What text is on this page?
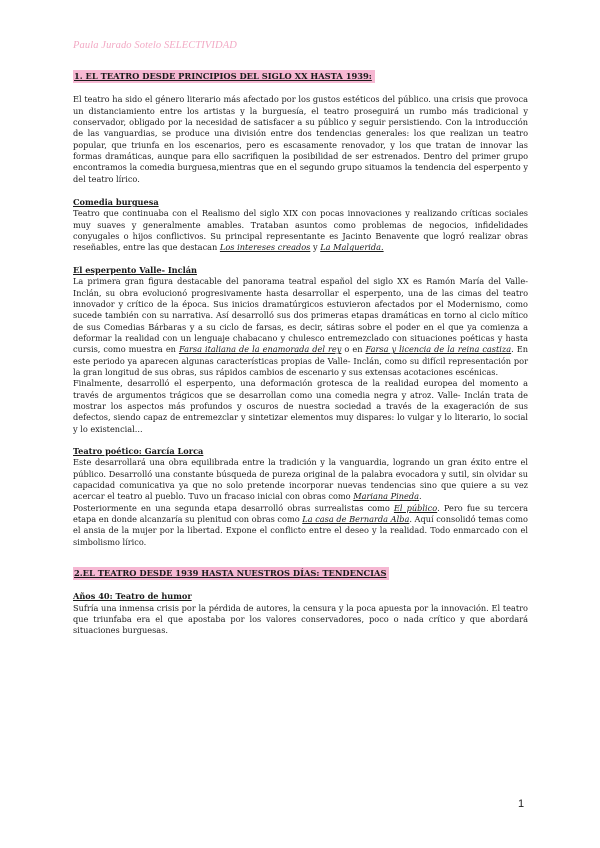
Paula Jurado Sotelo SELECTIVIDAD
1. EL TEATRO DESDE PRINCIPIOS DEL SIGLO XX HASTA 1939:

El teatro ha sido el género literario más afectado por los gustos estéticos del público. una crisis que provoca un distanciamiento entre los artistas y la burguesía, el teatro proseguirá un rumbo más tradicional y conservador, obligado por la necesidad de satisfacer a su público y seguir persistiendo. Con la introducción de las vanguardias, se produce una división entre dos tendencias generales: los que realizan un teatro popular, que triunfa en los escenarios, pero es escasamente renovador, y los que tratan de innovar las formas dramáticas, aunque para ello sacrifiquen la posibilidad de ser estrenados. Dentro del primer grupo encontramos la comedia burguesa,mientras que en el segundo grupo situamos la tendencia del esperpento y del teatro lírico.

Comedia burguesa

Teatro que continuaba con el Realismo del siglo XIX con pocas innovaciones y realizando críticas sociales muy suaves y generalmente amables. Trataban asuntos como problemas de negocios, infidelidades conyugales o hijos conflictivos. Su principal representante es Jacinto Benavente que logró realizar obras reseñables, entre las que destacan Los intereses creados y La Malquerida.

El esperpento Valle- Inclán

La primera gran figura destacable del panorama teatral español del siglo XX es Ramón María del Valle- Inclán, su obra evolucionó progresivamente hasta desarrollar el esperpento, una de las cimas del teatro innovador y crítico de la época. Sus inicios dramatúrgicos estuvieron afectados por el Modernismo, como sucede también con su narrativa. Así desarrolló sus dos primeras etapas dramáticas en torno al ciclo mítico de sus Comedias Bárbaras y a su ciclo de farsas, es decir, sátiras sobre el poder en el que ya comienza a deformar la realidad con un lenguaje chabacano y chulesco entremezclado con situaciones poéticas y hasta cursis, como muestra en Farsa italiana de la enamorada del rey o en Farsa y licencia de la reina castiza. En este periodo ya aparecen algunas características propias de Valle- Inclán, como su difícil representación por la gran longitud de sus obras, sus rápidos cambios de escenario y sus extensas acotaciones escénicas.

Finalmente, desarrolló el esperpento, una deformación grotesca de la realidad europea del momento a través de argumentos trágicos que se desarrollan como una comedia negra y atroz. Valle- Inclán trata de mostrar los aspectos más profundos y oscuros de nuestra sociedad a través de la exageración de sus defectos, siendo capaz de entremezclar y sintetizar elementos muy dispares: lo vulgar y lo literario, lo social y lo existencial...

Teatro poético: García Lorca

Este desarrollará una obra equilibrada entre la tradición y la vanguardia, logrando un gran éxito entre el público. Desarrolló una constante búsqueda de pureza original de la palabra evocadora y sutil, sin olvidar su capacidad comunicativa ya que no solo pretende incorporar nuevas tendencias sino que quiere a su vez acercar el teatro al pueblo. Tuvo un fracaso inicial con obras como Mariana Pineda.

Posteriormente en una segunda etapa desarrolló obras surrealistas como El público. Pero fue su tercera etapa en donde alcanzaría su plenitud con obras como La casa de Bernarda Alba. Aquí consolidó temas como el ansia de la mujer por la libertad. Expone el conflicto entre el deseo y la realidad. Todo enmarcado con el simbolismo lírico.

2.EL TEATRO DESDE 1939 HASTA NUESTROS DÍAS: TENDENCIAS
Años 40: Teatro de humor

Sufría una inmensa crisis por la pérdida de autores, la censura y la poca apuesta por la innovación. El teatro que triunfaba era el que apostaba por los valores conservadores, poco o nada crítico y que abordará situaciones burguesas.

1
